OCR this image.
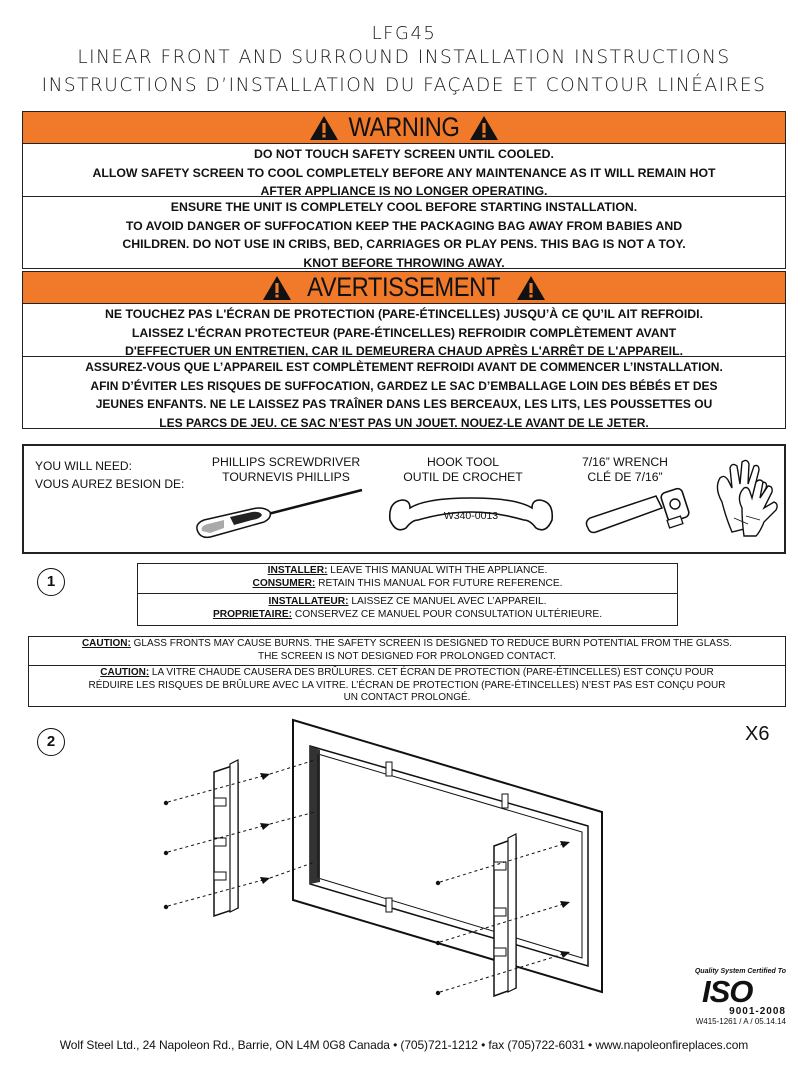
LFG45
LINEAR FRONT AND SURROUND INSTALLATION INSTRUCTIONS
INSTRUCTIONS D’INSTALLATION DU FAÇADE ET CONTOUR LINÉAIRES
WARNING
DO NOT TOUCH SAFETY SCREEN UNTIL COOLED.
ALLOW SAFETY SCREEN TO COOL COMPLETELY BEFORE ANY MAINTENANCE AS IT WILL REMAIN HOT
AFTER APPLIANCE IS NO LONGER OPERATING.
ENSURE THE UNIT IS COMPLETELY COOL BEFORE STARTING INSTALLATION.
TO AVOID DANGER OF SUFFOCATION KEEP THE PACKAGING BAG AWAY FROM BABIES AND
CHILDREN. DO NOT USE IN CRIBS, BED, CARRIAGES OR PLAY PENS. THIS BAG IS NOT A TOY.
KNOT BEFORE THROWING AWAY.
AVERTISSEMENT
NE TOUCHEZ PAS L'ÉCRAN DE PROTECTION (PARE-ÉTINCELLES) JUSQU’À CE QU’IL AIT REFROIDI.
LAISSEZ L'ÉCRAN PROTECTEUR (PARE-ÉTINCELLES) REFROIDIR COMPLÈTEMENT AVANT
D'EFFECTUER UN ENTRETIEN, CAR IL DEMEURERA CHAUD APRÈS L'ARRÊT DE L'APPAREIL.
ASSUREZ-VOUS QUE L’APPAREIL EST COMPLÈTEMENT REFROIDI AVANT DE COMMENCER L’INSTALLATION.
AFIN D’ÉVITER LES RISQUES DE SUFFOCATION, GARDEZ LE SAC D’EMBALLAGE LOIN DES BÉBÉS ET DES
JEUNES ENFANTS. NE LE LAISSEZ PAS TRAÎNER DANS LES BERCEAUX, LES LITS, LES POUSSETTES OU
LES PARCS DE JEU. CE SAC N’EST PAS UN JOUET. NOUEZ-LE AVANT DE LE JETER.
YOU WILL NEED:
VOUS AUREZ BESION DE:
PHILLIPS SCREWDRIVER
TOURNEVIS PHILLIPS
HOOK TOOL
OUTIL DE CROCHET
7/16” WRENCH
CLÉ DE 7/16”
W340-0013
1
INSTALLER: LEAVE THIS MANUAL WITH THE APPLIANCE.
CONSUMER: RETAIN THIS MANUAL FOR FUTURE REFERENCE.
INSTALLATEUR: LAISSEZ CE MANUEL AVEC L’APPAREIL.
PROPRIETAIRE: CONSERVEZ CE MANUEL POUR CONSULTATION ULTÉRIEURE.
CAUTION: GLASS FRONTS MAY CAUSE BURNS. THE SAFETY SCREEN IS DESIGNED TO REDUCE BURN POTENTIAL FROM THE GLASS.
THE SCREEN IS NOT DESIGNED FOR PROLONGED CONTACT.
CAUTION: LA VITRE CHAUDE CAUSERA DES BRÛLURES. CET ÉCRAN DE PROTECTION (PARE-ÉTINCELLES) EST CONÇU POUR
RÉDUIRE LES RISQUES DE BRÛLURE AVEC LA VITRE. L’ÉCRAN DE PROTECTION (PARE-ÉTINCELLES) N’EST PAS EST CONÇU POUR
UN CONTACT PROLONGÉ.
2	X6
Quality System Certified To
ISO
9001-2008
W415-1261 / A / 05.14.14
Wolf Steel Ltd., 24 Napoleon Rd., Barrie, ON L4M 0G8 Canada • (705)721-1212 • fax (705)722-6031 • www.napoleonfireplaces.com
